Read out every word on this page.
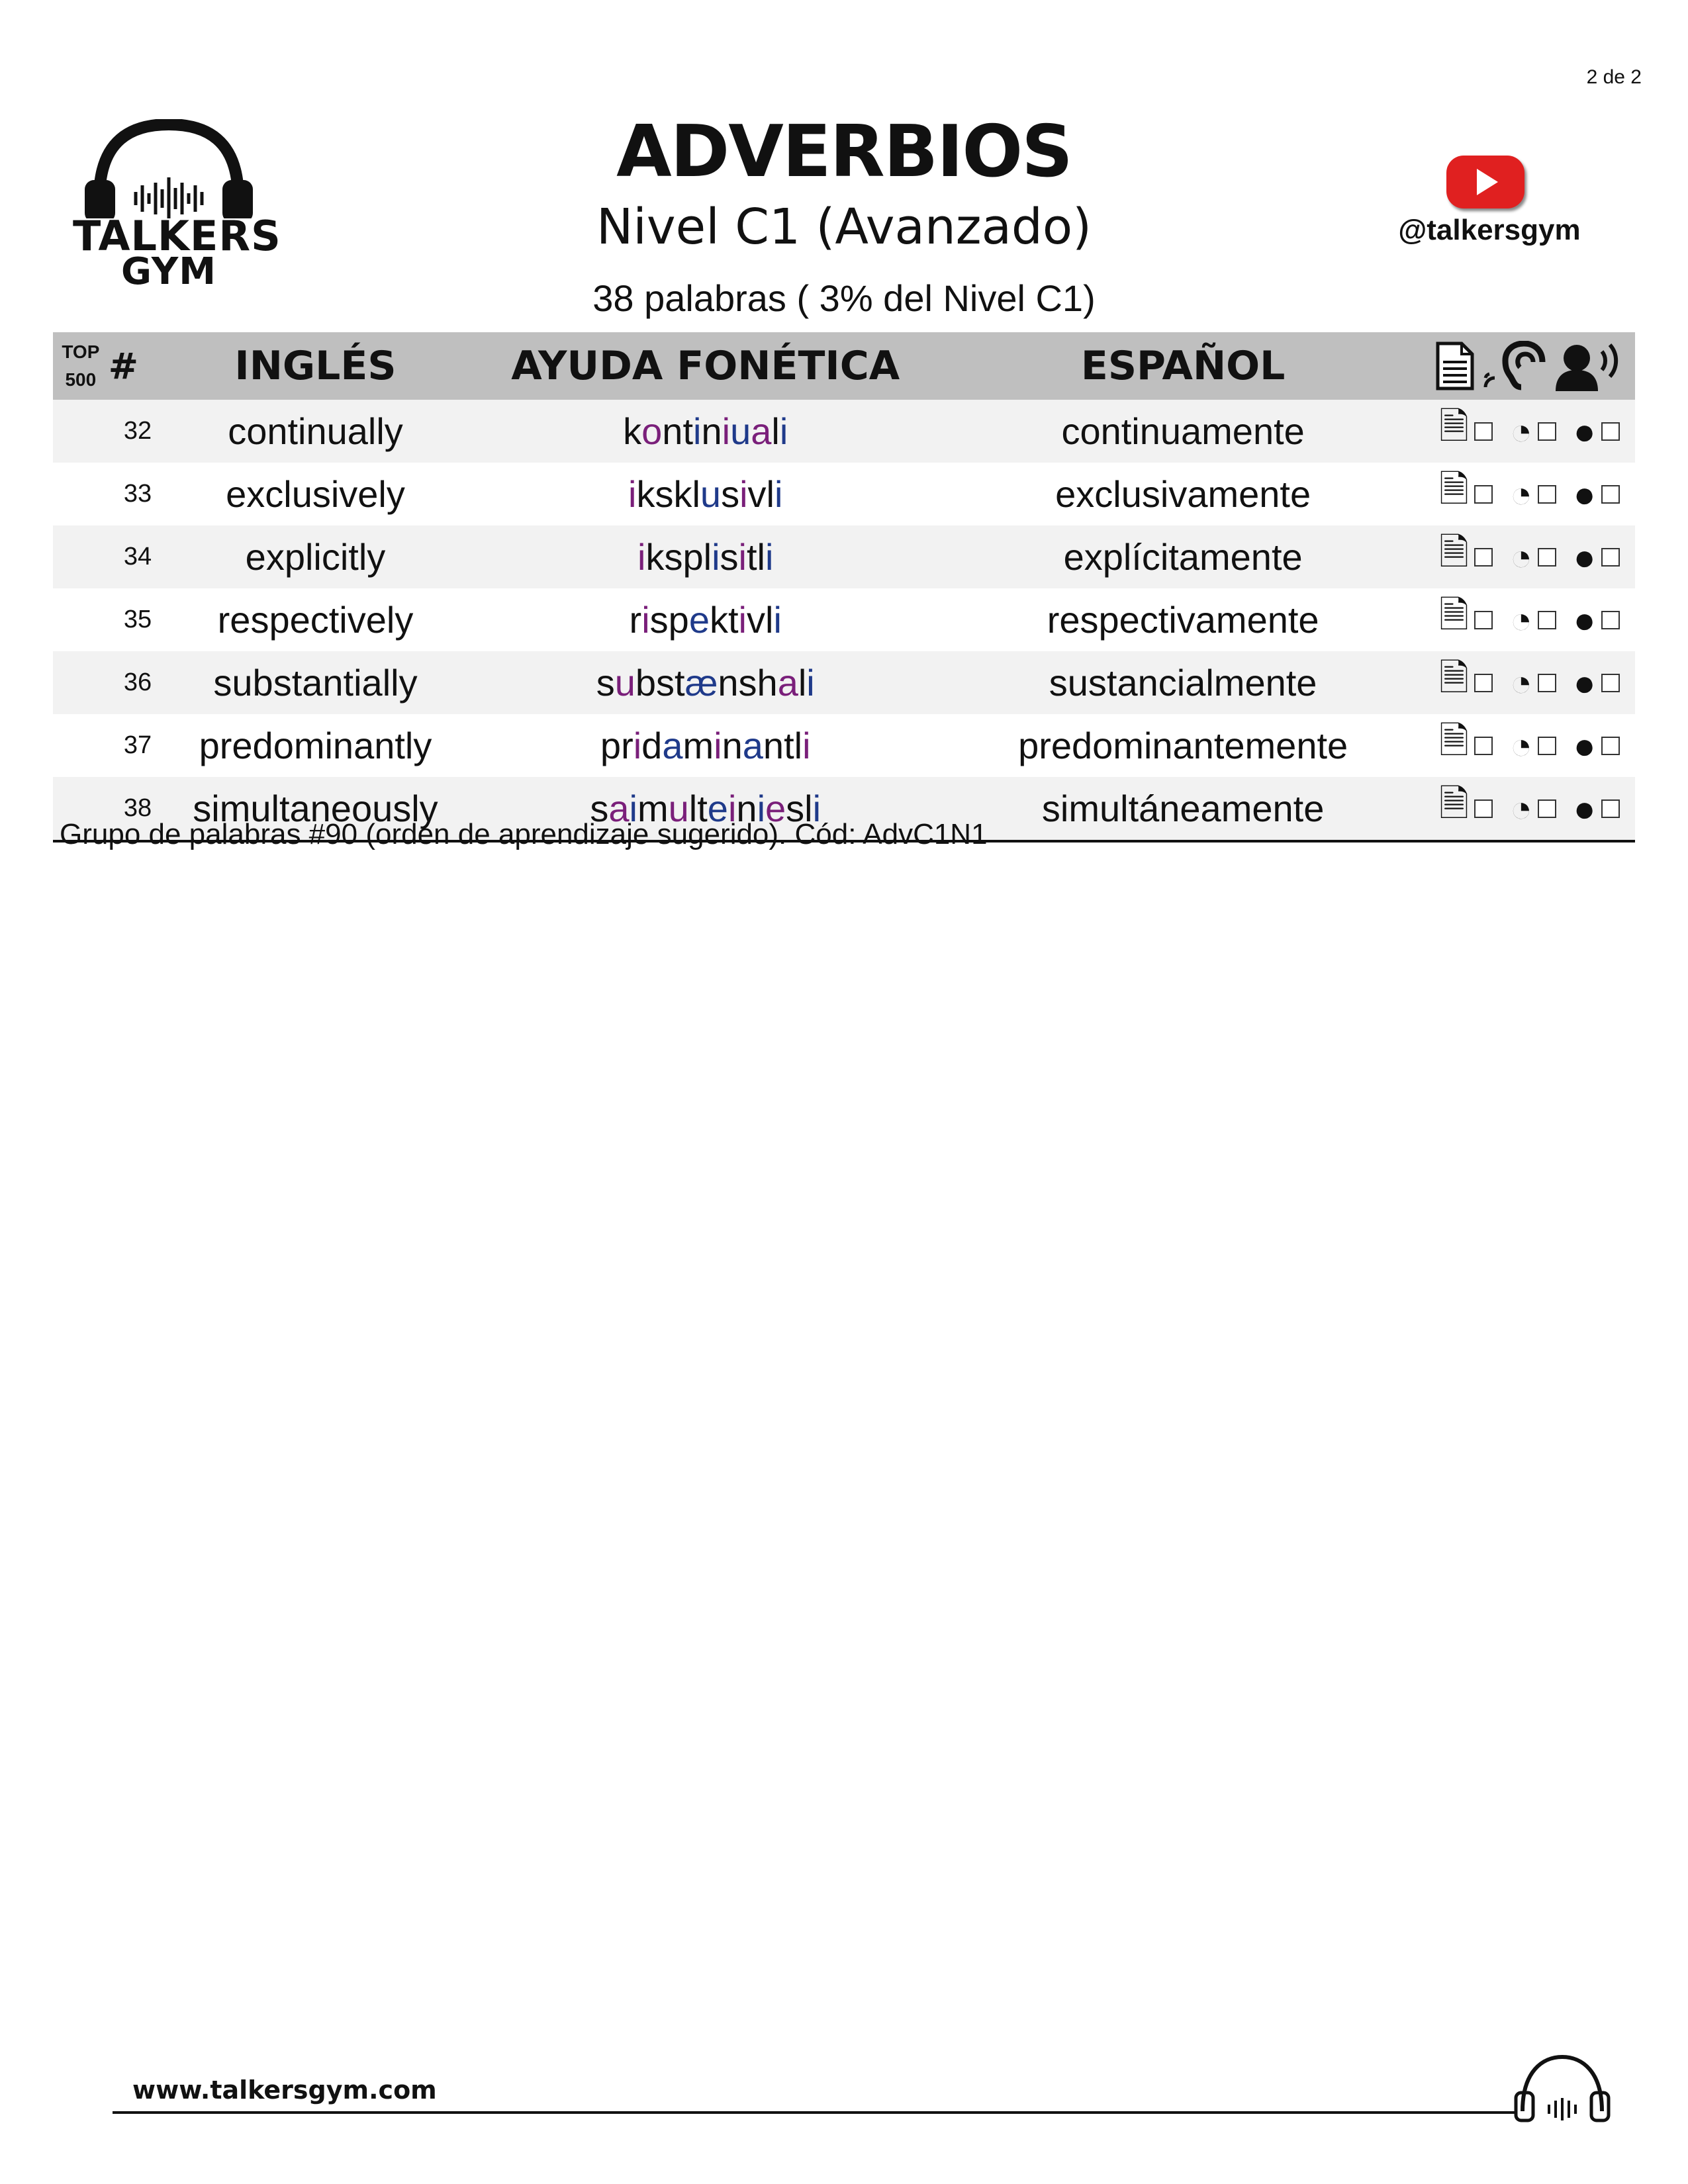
2 de 2
TALKERS
GYM
ADVERBIOS
Nivel C1 (Avanzado)
38 palabras ( 3% del Nivel C1)
@talkersgym
TOP
500	#	INGLÉS	AYUDA FONÉTICA	ESPAÑOL	

	32	continually	kontiniuali	continuamente	🗎 ◔ ●

	33	exclusively	iksklusivli	exclusivamente	🗎 ◔ ●

	34	explicitly	iksplisitli	explícitamente	🗎 ◔ ●

	35	respectively	rispektivli	respectivamente	🗎 ◔ ●

	36	substantially	substænshali	sustancialmente	🗎 ◔ ●

	37	predominantly	pridaminantli	predominantemente	🗎 ◔ ●

	38	simultaneously	saimulteiniesli	simultáneamente	🗎 ◔ ●
Grupo de palabras #90 (orden de aprendizaje sugerido). Cód: AdvC1N1
www.talkersgym.com
